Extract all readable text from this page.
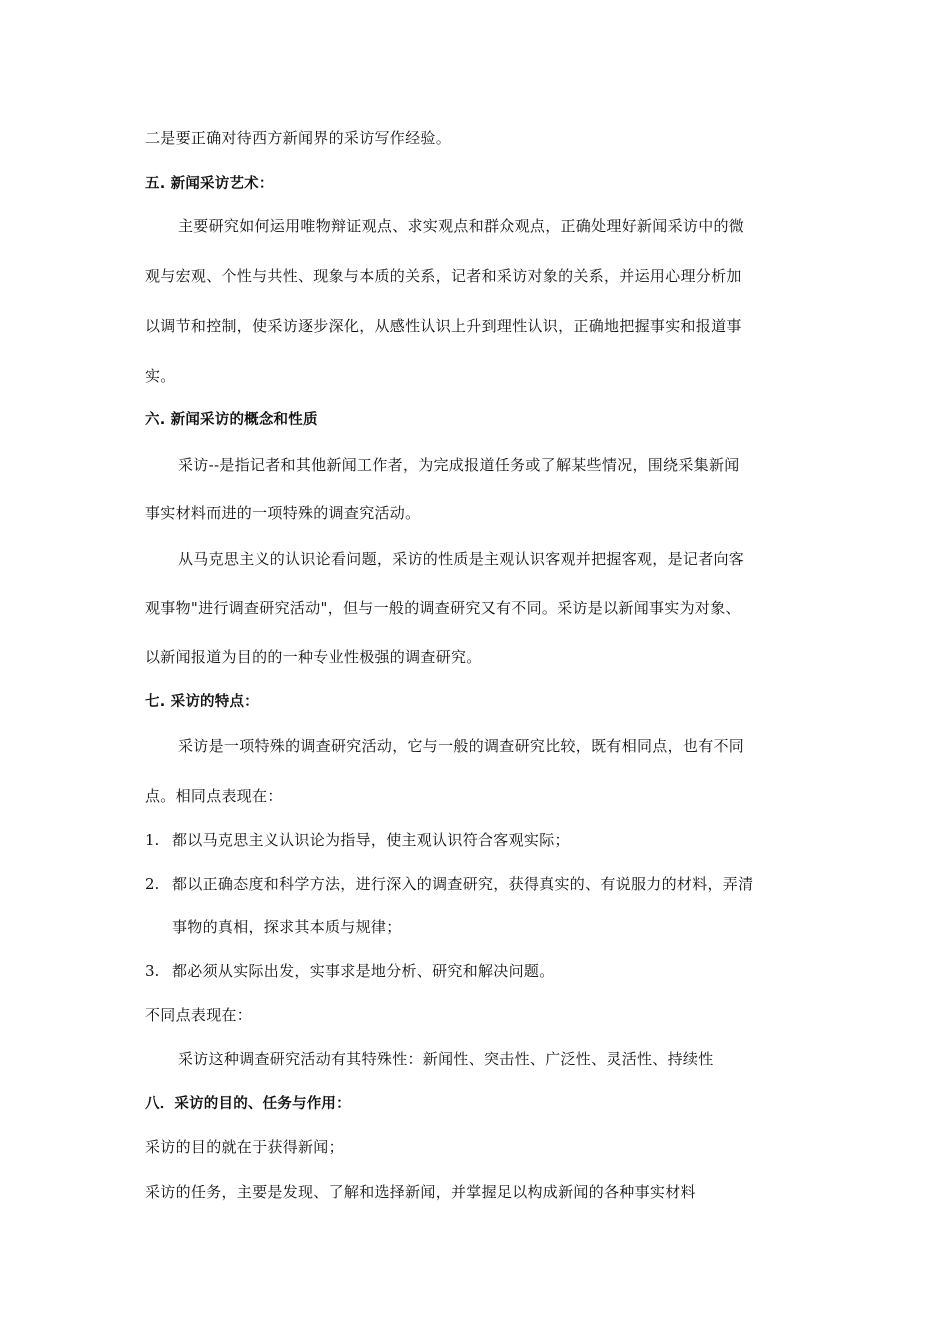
二是要正确对待西方新闻界的采访写作经验。
五. 新闻采访艺术：
主要研究如何运用唯物辩证观点、求实观点和群众观点，正确处理好新闻采访中的微
观与宏观、个性与共性、现象与本质的关系，记者和采访对象的关系，并运用心理分析加
以调节和控制，使采访逐步深化，从感性认识上升到理性认识，正确地把握事实和报道事
实。
六. 新闻采访的概念和性质
采访--是指记者和其他新闻工作者，为完成报道任务或了解某些情况，围绕采集新闻
事实材料而进的一项特殊的调查究活动。
从马克思主义的认识论看问题，采访的性质是主观认识客观并把握客观，是记者向客
观事物"进行调查研究活动"，但与一般的调查研究又有不同。采访是以新闻事实为对象、
以新闻报道为目的的一种专业性极强的调查研究。
七. 采访的特点：
采访是一项特殊的调查研究活动，它与一般的调查研究比较，既有相同点，也有不同
点。相同点表现在：
1. 都以马克思主义认识论为指导，使主观认识符合客观实际；
2. 都以正确态度和科学方法，进行深入的调查研究，获得真实的、有说服力的材料，弄清
事物的真相，探求其本质与规律；
3. 都必须从实际出发，实事求是地分析、研究和解决问题。
不同点表现在：
采访这种调查研究活动有其特殊性：新闻性、突击性、广泛性、灵活性、持续性
八．采访的目的、任务与作用：
采访的目的就在于获得新闻；
采访的任务，主要是发现、了解和选择新闻，并掌握足以构成新闻的各种事实材料
